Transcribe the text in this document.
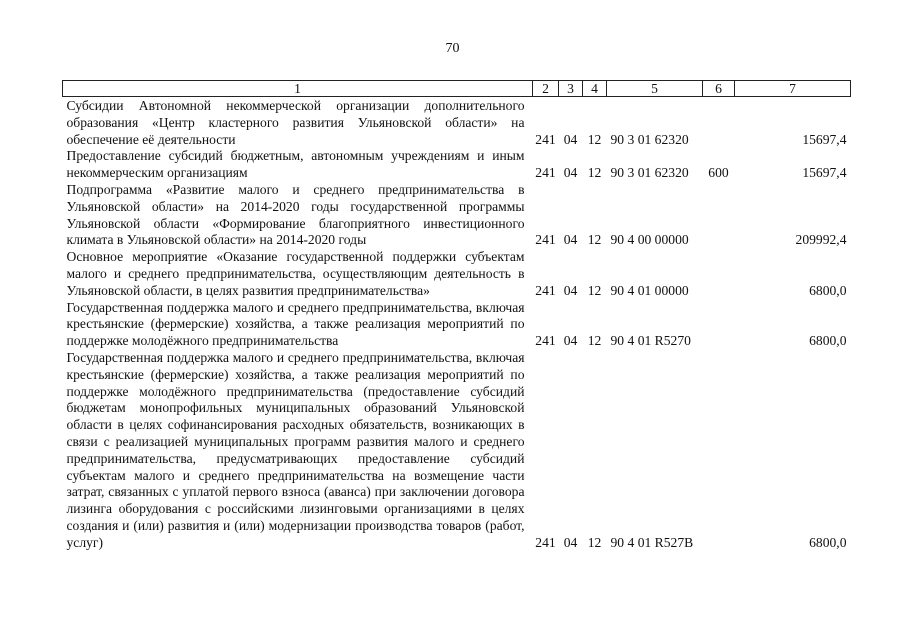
70
1	2	3	4	5	6	7
Субсидии Автономной некоммерческой организации дополнительного образования «Центр кластерного развития Ульяновской области» на обеспечение её деятельности	241	04	12	90 3 01 62320		15697,4
Предоставление субсидий бюджетным, автономным учреждениям и иным некоммерческим организациям	241	04	12	90 3 01 62320	600	15697,4
Подпрограмма «Развитие малого и среднего предпринимательства в Ульяновской области» на 2014-2020 годы государственной программы Ульяновской области «Формирование благоприятного инвестиционного климата в Ульяновской области» на 2014-2020 годы	241	04	12	90 4 00 00000		209992,4
Основное мероприятие «Оказание государственной поддержки субъектам малого и среднего предпринимательства, осуществляющим деятельность в Ульяновской области, в целях развития предпринимательства»	241	04	12	90 4 01 00000		6800,0
Государственная поддержка малого и среднего предпринимательства, включая крестьянские (фермерские) хозяйства, а также реализация мероприятий по поддержке молодёжного предпринимательства	241	04	12	90 4 01 R5270		6800,0
Государственная поддержка малого и среднего предпринимательства, включая крестьянские (фермерские) хозяйства, а также реализация мероприятий по поддержке молодёжного предпринимательства (предоставление субсидий бюджетам монопрофильных муниципальных образований Ульяновской области в целях софинансирования расходных обязательств, возникающих в связи с реализацией муниципальных программ развития малого и среднего предпринимательства, предусматривающих предоставление субсидий субъектам малого и среднего предпринимательства на возмещение части затрат, связанных с уплатой первого взноса (аванса) при заключении договора лизинга оборудования с российскими лизинговыми организациями в целях создания и (или) развития и (или) модернизации производства товаров (работ, услуг)	241	04	12	90 4 01 R527B		6800,0
